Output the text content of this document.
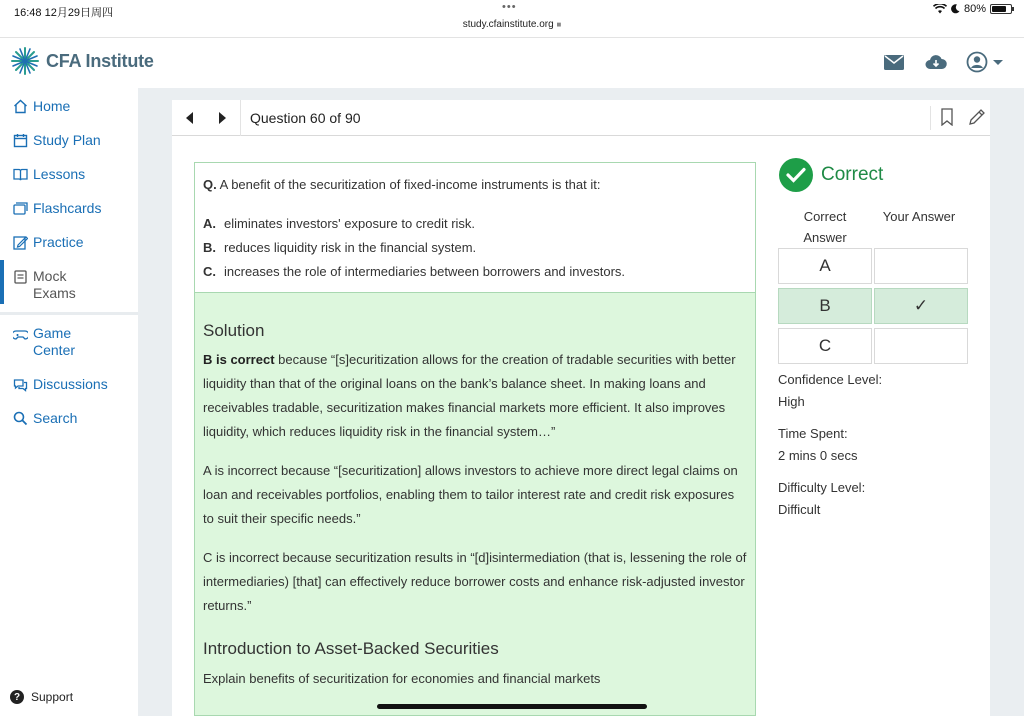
16:48 12月29日周四	•••
study.cfainstitute.org ■
80%
CFA Institute
Home
Study Plan
Lessons
Flashcards
Practice
Mock Exams
Game Center
Discussions
Search
? Support
Question 60 of 90
Q. A benefit of the securitization of fixed-income instruments is that it:
A. eliminates investors' exposure to credit risk.
B. reduces liquidity risk in the financial system.
C. increases the role of intermediaries between borrowers and investors.
Solution
B is correct because “[s]ecuritization allows for the creation of tradable securities with better liquidity than that of the original loans on the bank’s balance sheet. In making loans and receivables tradable, securitization makes financial markets more efficient. It also improves liquidity, which reduces liquidity risk in the financial system…”
A is incorrect because “[securitization] allows investors to achieve more direct legal claims on loan and receivables portfolios, enabling them to tailor interest rate and credit risk exposures to suit their specific needs.”
C is incorrect because securitization results in “[d]isintermediation (that is, lessening the role of intermediaries) [that] can effectively reduce borrower costs and enhance risk-adjusted investor returns.”
Introduction to Asset-Backed Securities
Explain benefits of securitization for economies and financial markets
Correct
Correct Answer
Your Answer
A
B	✓
C
Confidence Level:
High
Time Spent:
2 mins 0 secs
Difficulty Level:
Difficult
